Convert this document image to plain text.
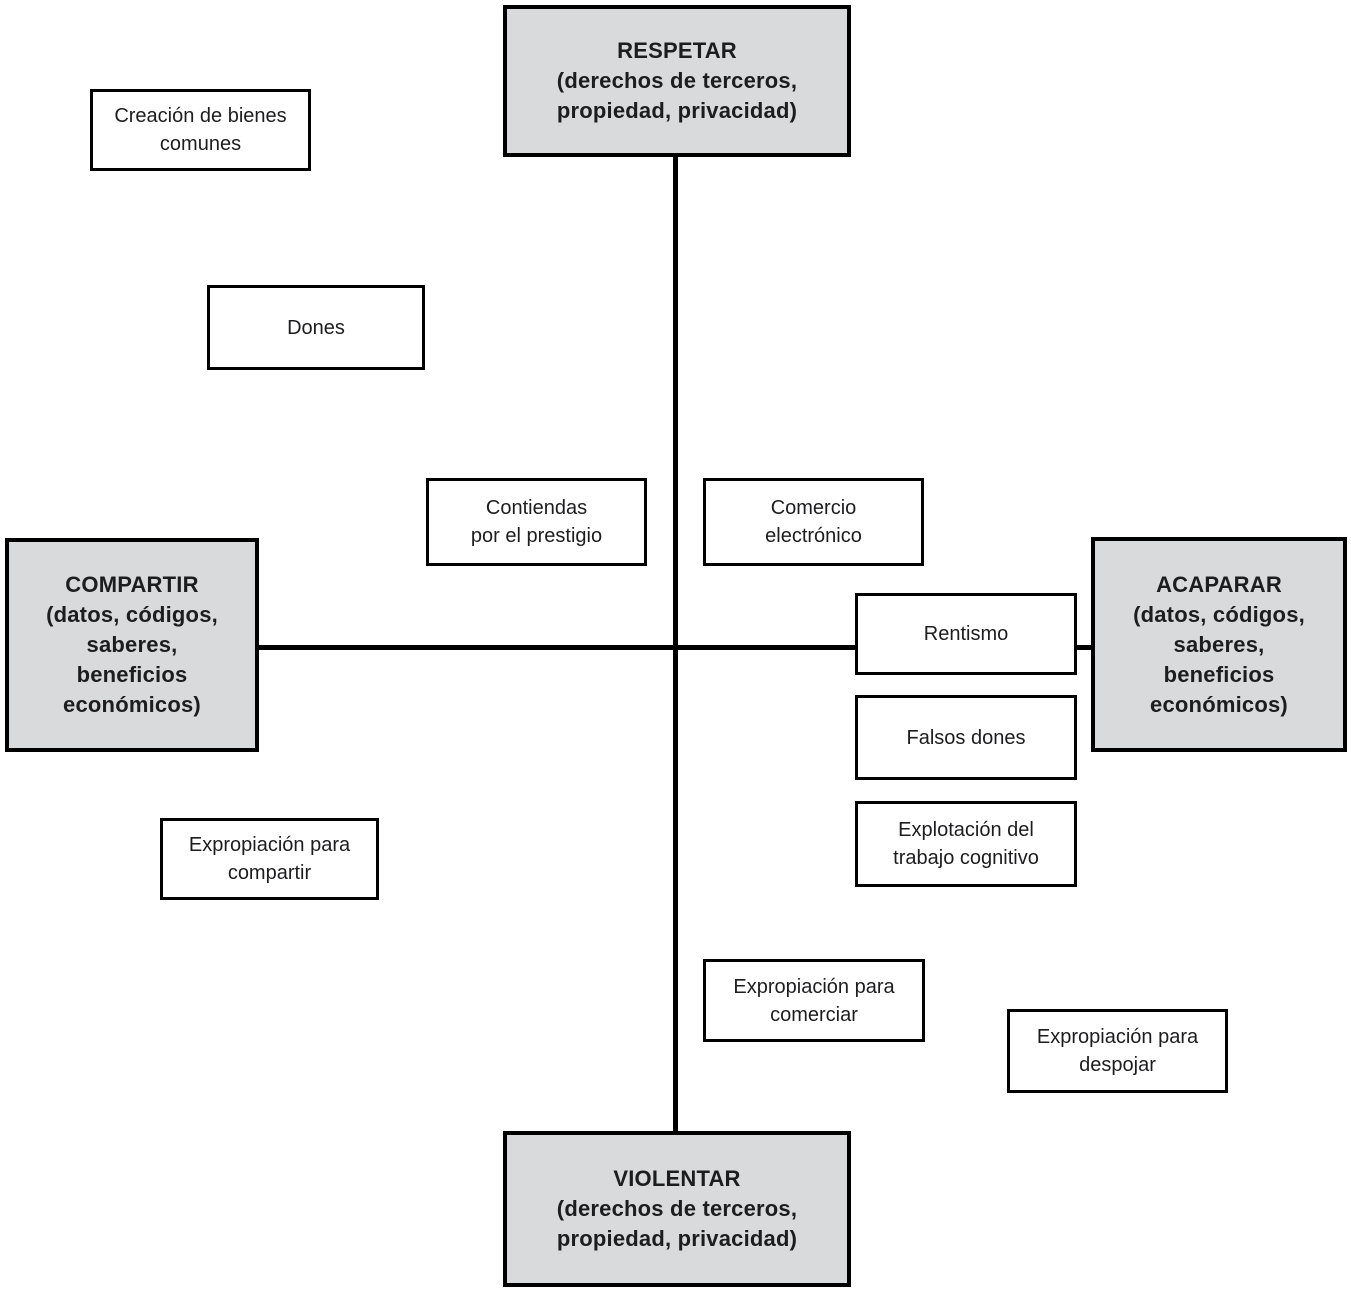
RESPETAR
(derechos de terceros,
propiedad, privacidad)
COMPARTIR
(datos, códigos,
saberes,
beneficios
económicos)
ACAPARAR
(datos, códigos,
saberes,
beneficios
económicos)
VIOLENTAR
(derechos de terceros,
propiedad, privacidad)
Creación de bienes
comunes
Dones
Contiendas
por el prestigio
Comercio
electrónico
Rentismo
Falsos dones
Explotación del
trabajo cognitivo
Expropiación para
compartir
Expropiación para
comerciar
Expropiación para
despojar
